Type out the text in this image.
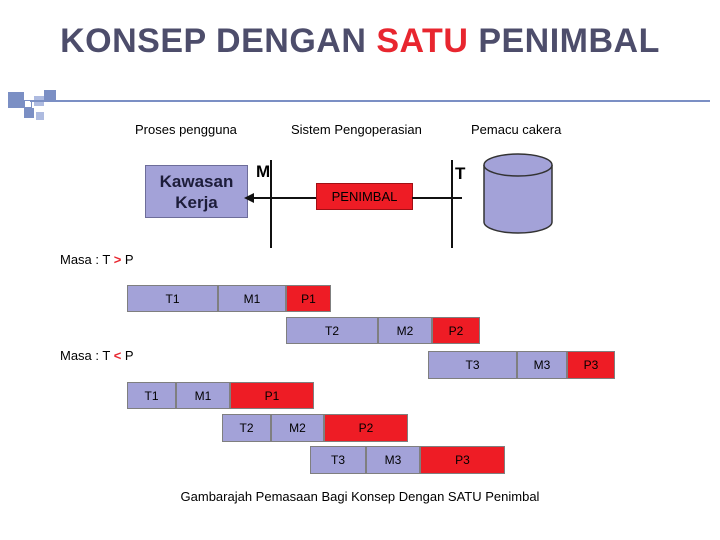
KONSEP DENGAN SATU PENIMBAL
Proses pengguna	Sistem Pengoperasian	Pemacu cakera
Kawasan
Kerja
M	T
PENIMBAL
Masa : T > P
T1	M1	P1
T2	M2	P2
T3	M3	P3
Masa : T < P
T1	M1	P1
T2	M2	P2
T3	M3	P3
Gambarajah Pemasaan Bagi Konsep Dengan SATU Penimbal
